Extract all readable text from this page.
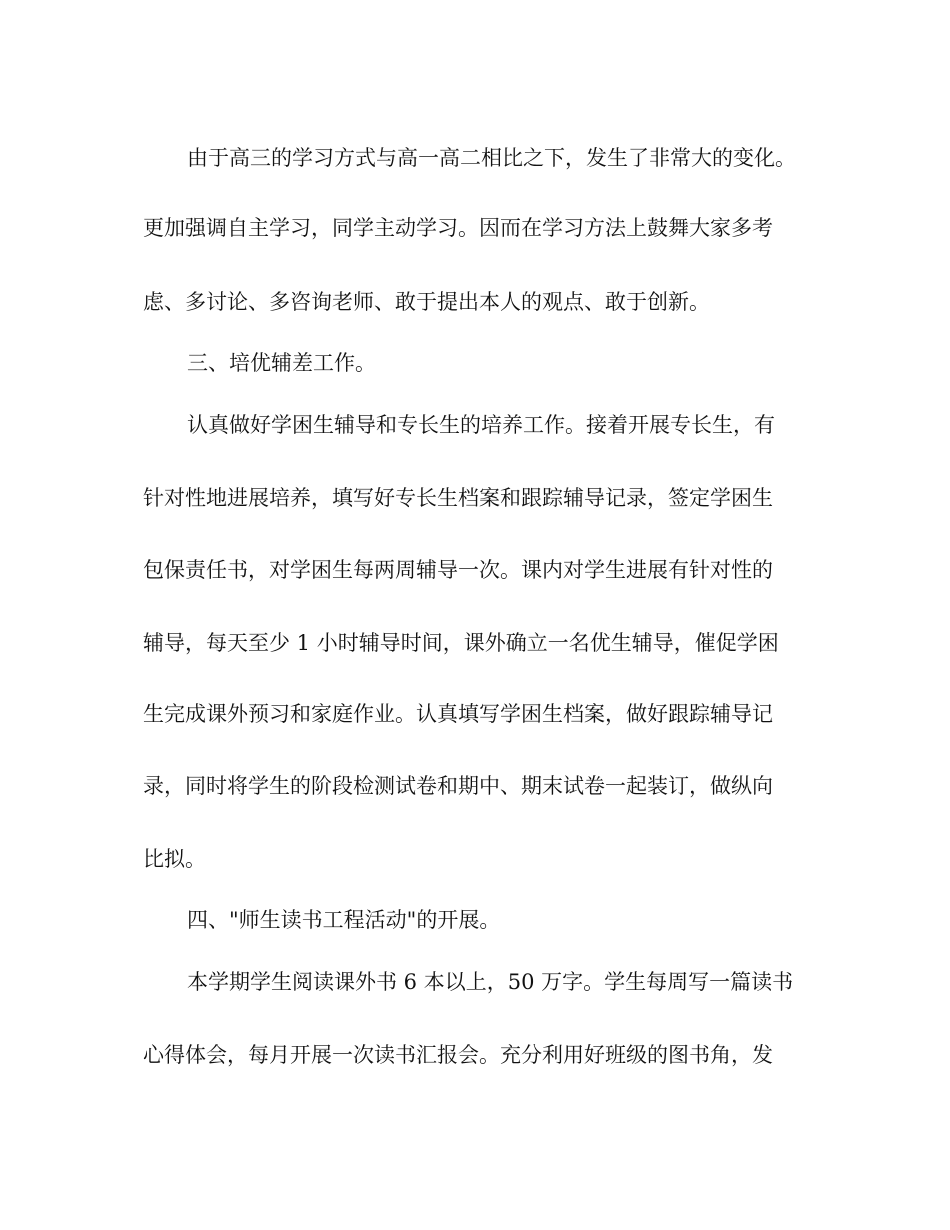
由于高三的学习方式与高一高二相比之下，发生了非常大的变化。
更加强调自主学习，同学主动学习。因而在学习方法上鼓舞大家多考
虑、多讨论、多咨询老师、敢于提出本人的观点、敢于创新。
三、培优辅差工作。
认真做好学困生辅导和专长生的培养工作。接着开展专长生，有
针对性地进展培养，填写好专长生档案和跟踪辅导记录，签定学困生
包保责任书，对学困生每两周辅导一次。课内对学生进展有针对性的
辅导，每天至少 1 小时辅导时间，课外确立一名优生辅导，催促学困
生完成课外预习和家庭作业。认真填写学困生档案，做好跟踪辅导记
录，同时将学生的阶段检测试卷和期中、期末试卷一起装订，做纵向
比拟。
四、"师生读书工程活动"的开展。
本学期学生阅读课外书 6 本以上，50 万字。学生每周写一篇读书
心得体会，每月开展一次读书汇报会。充分利用好班级的图书角，发
